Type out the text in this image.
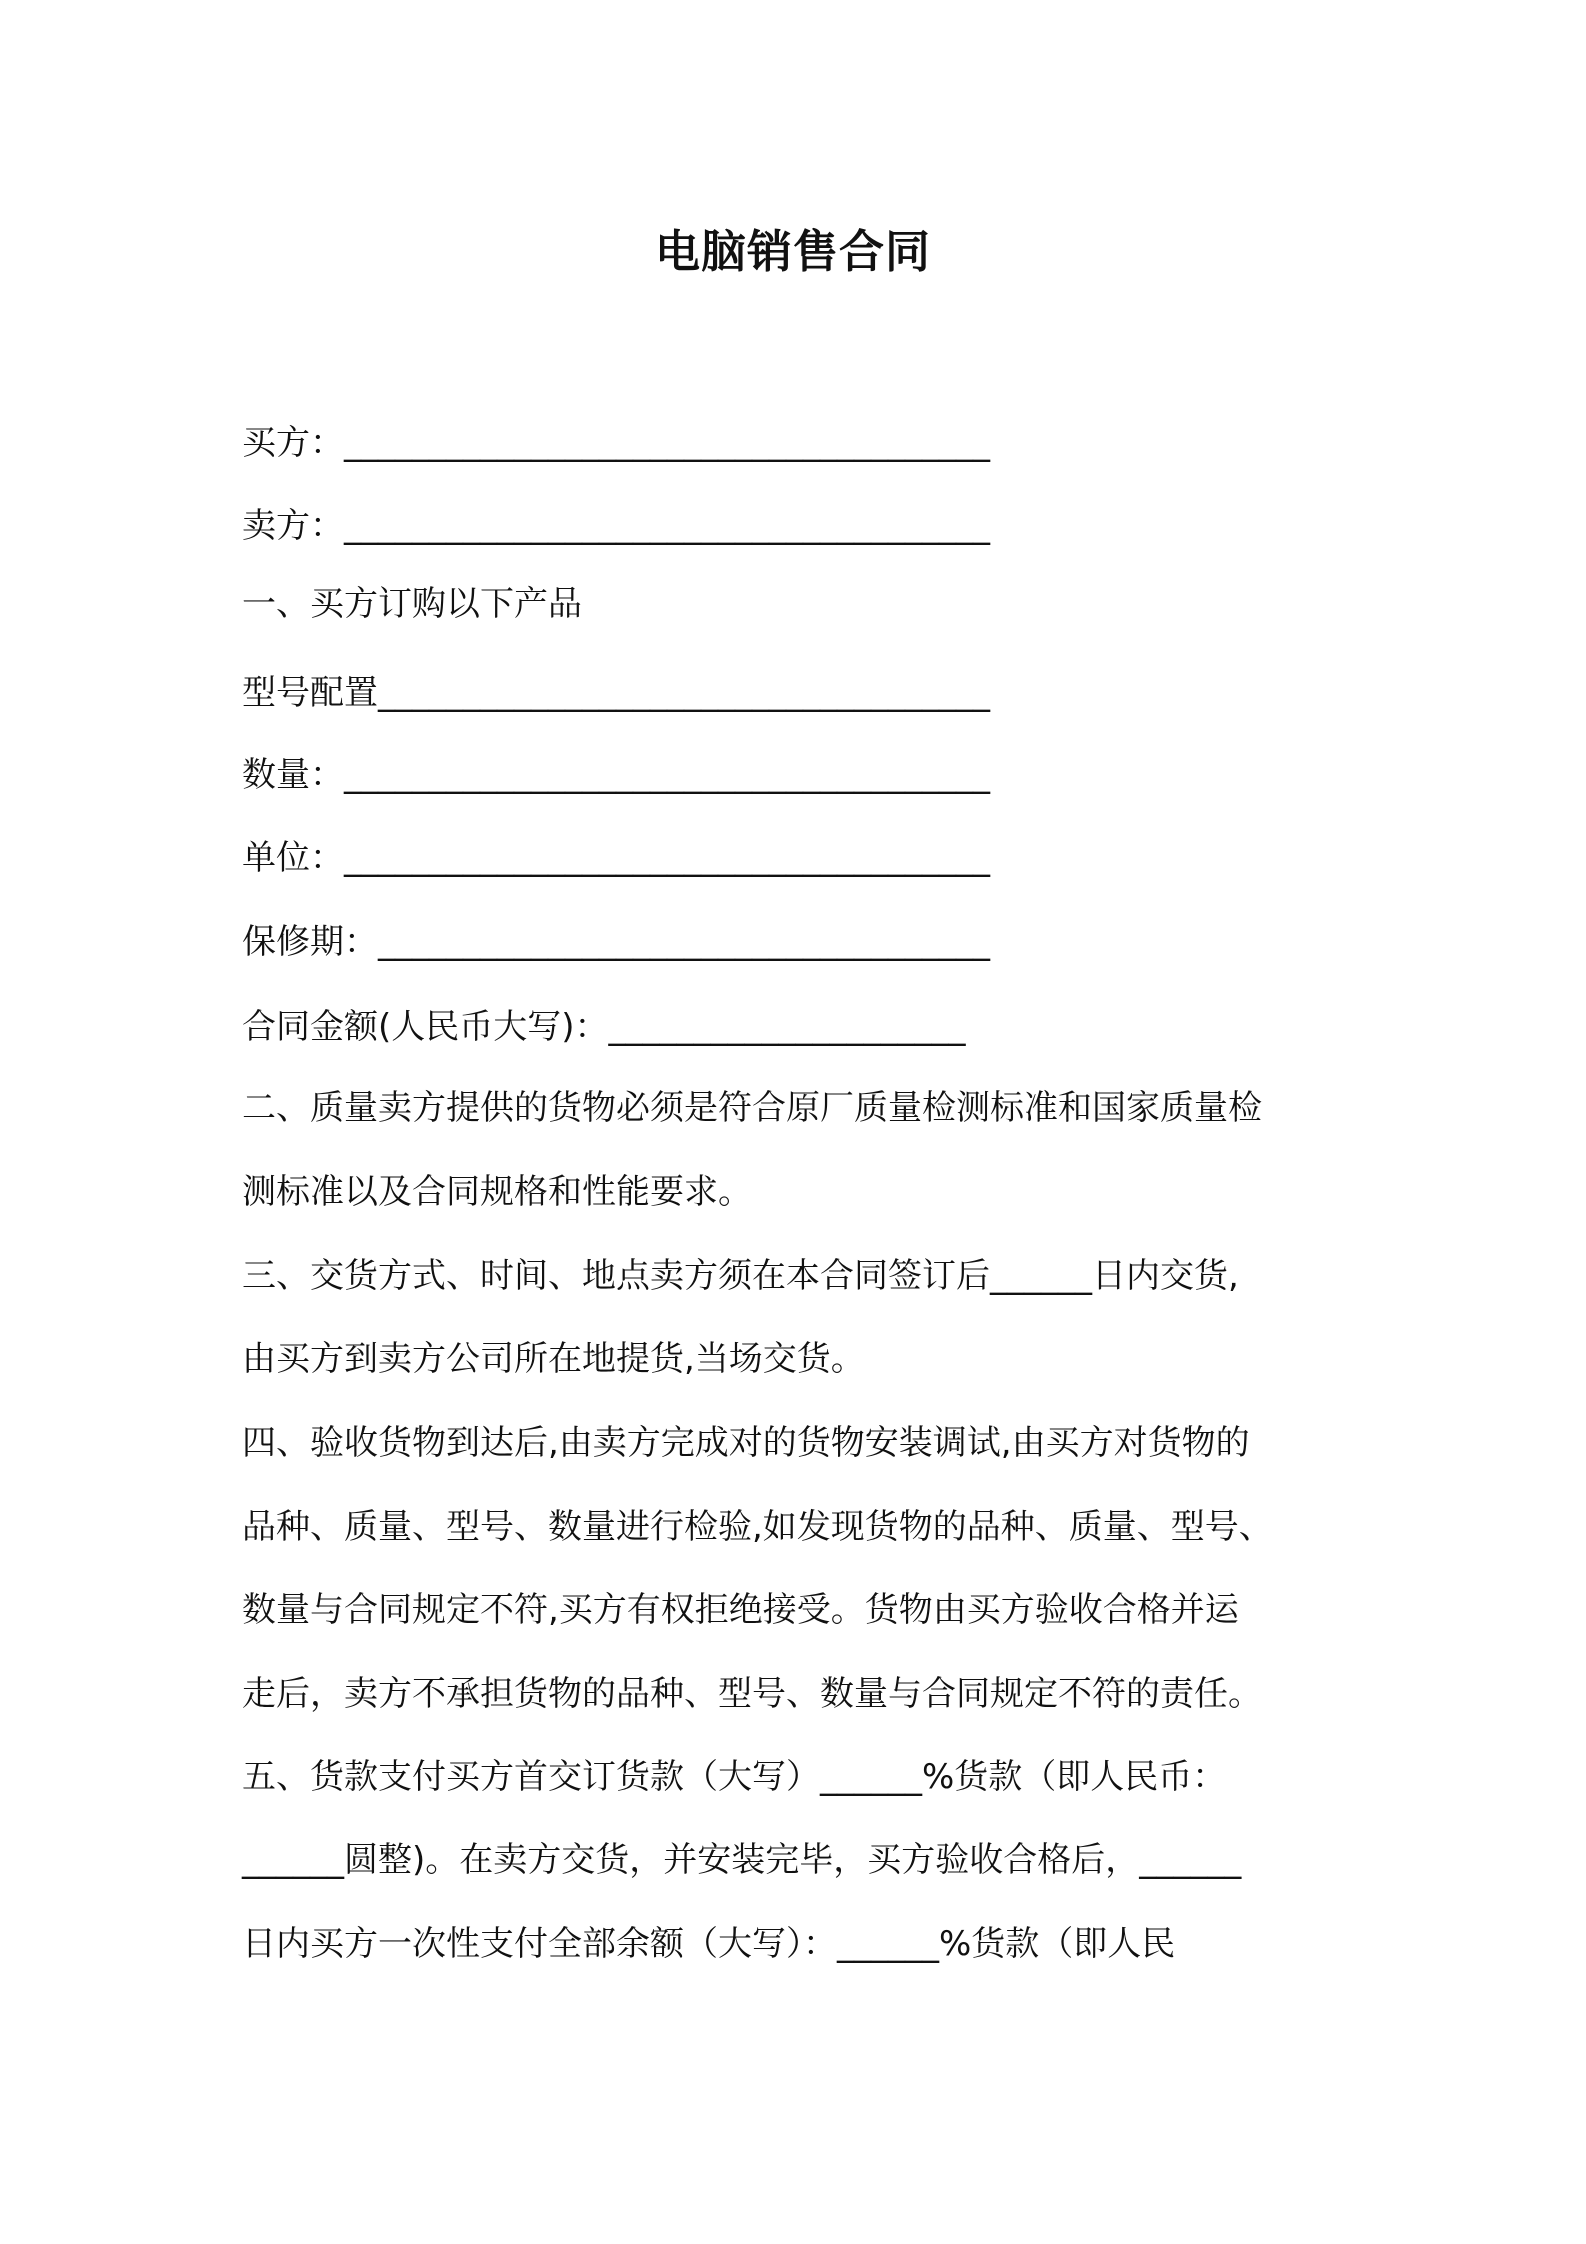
电脑销售合同

买方：______________________________________

卖方：______________________________________

一、买方订购以下产品

型号配置____________________________________

数量：______________________________________

单位：______________________________________

保修期：____________________________________

合同金额(人民币大写)：_____________________

二、质量卖方提供的货物必须是符合原厂质量检测标准和国家质量检

测标准以及合同规格和性能要求。

三、交货方式、时间、地点卖方须在本合同签订后______日内交货,

由买方到卖方公司所在地提货,当场交货。

四、验收货物到达后,由卖方完成对的货物安装调试,由买方对货物的

品种、质量、型号、数量进行检验,如发现货物的品种、质量、型号、

数量与合同规定不符,买方有权拒绝接受。货物由买方验收合格并运

走后，卖方不承担货物的品种、型号、数量与合同规定不符的责任。

五、货款支付买方首交订货款（大写）______%货款（即人民币：

______圆整)。在卖方交货，并安装完毕，买方验收合格后，______

日内买方一次性支付全部余额（大写）：______%货款（即人民
